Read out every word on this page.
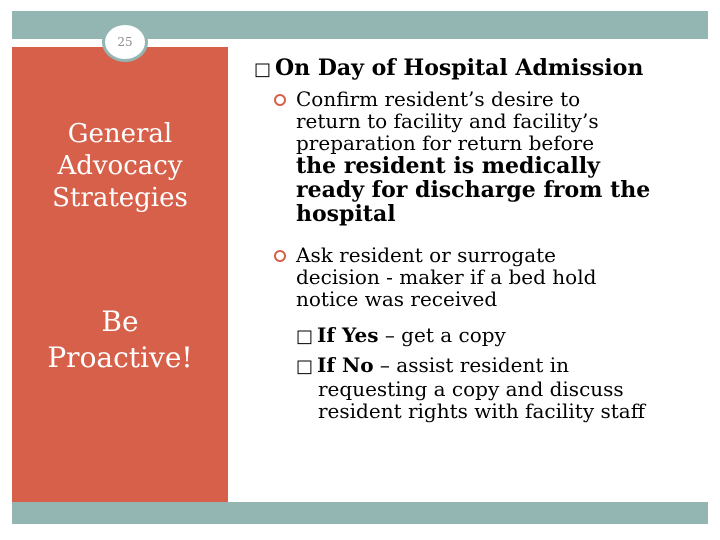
25
General
Advocacy
Strategies
Be
Proactive!
□ On Day of Hospital Admission
Confirm resident’s desire to
return to facility and facility’s
preparation for return before
the resident is medically
ready for discharge from the
hospital
Ask resident or surrogate
decision - maker if a bed hold
notice was received
□ If Yes – get a copy
□ If No – assist resident in
requesting a copy and discuss
resident rights with facility staff
